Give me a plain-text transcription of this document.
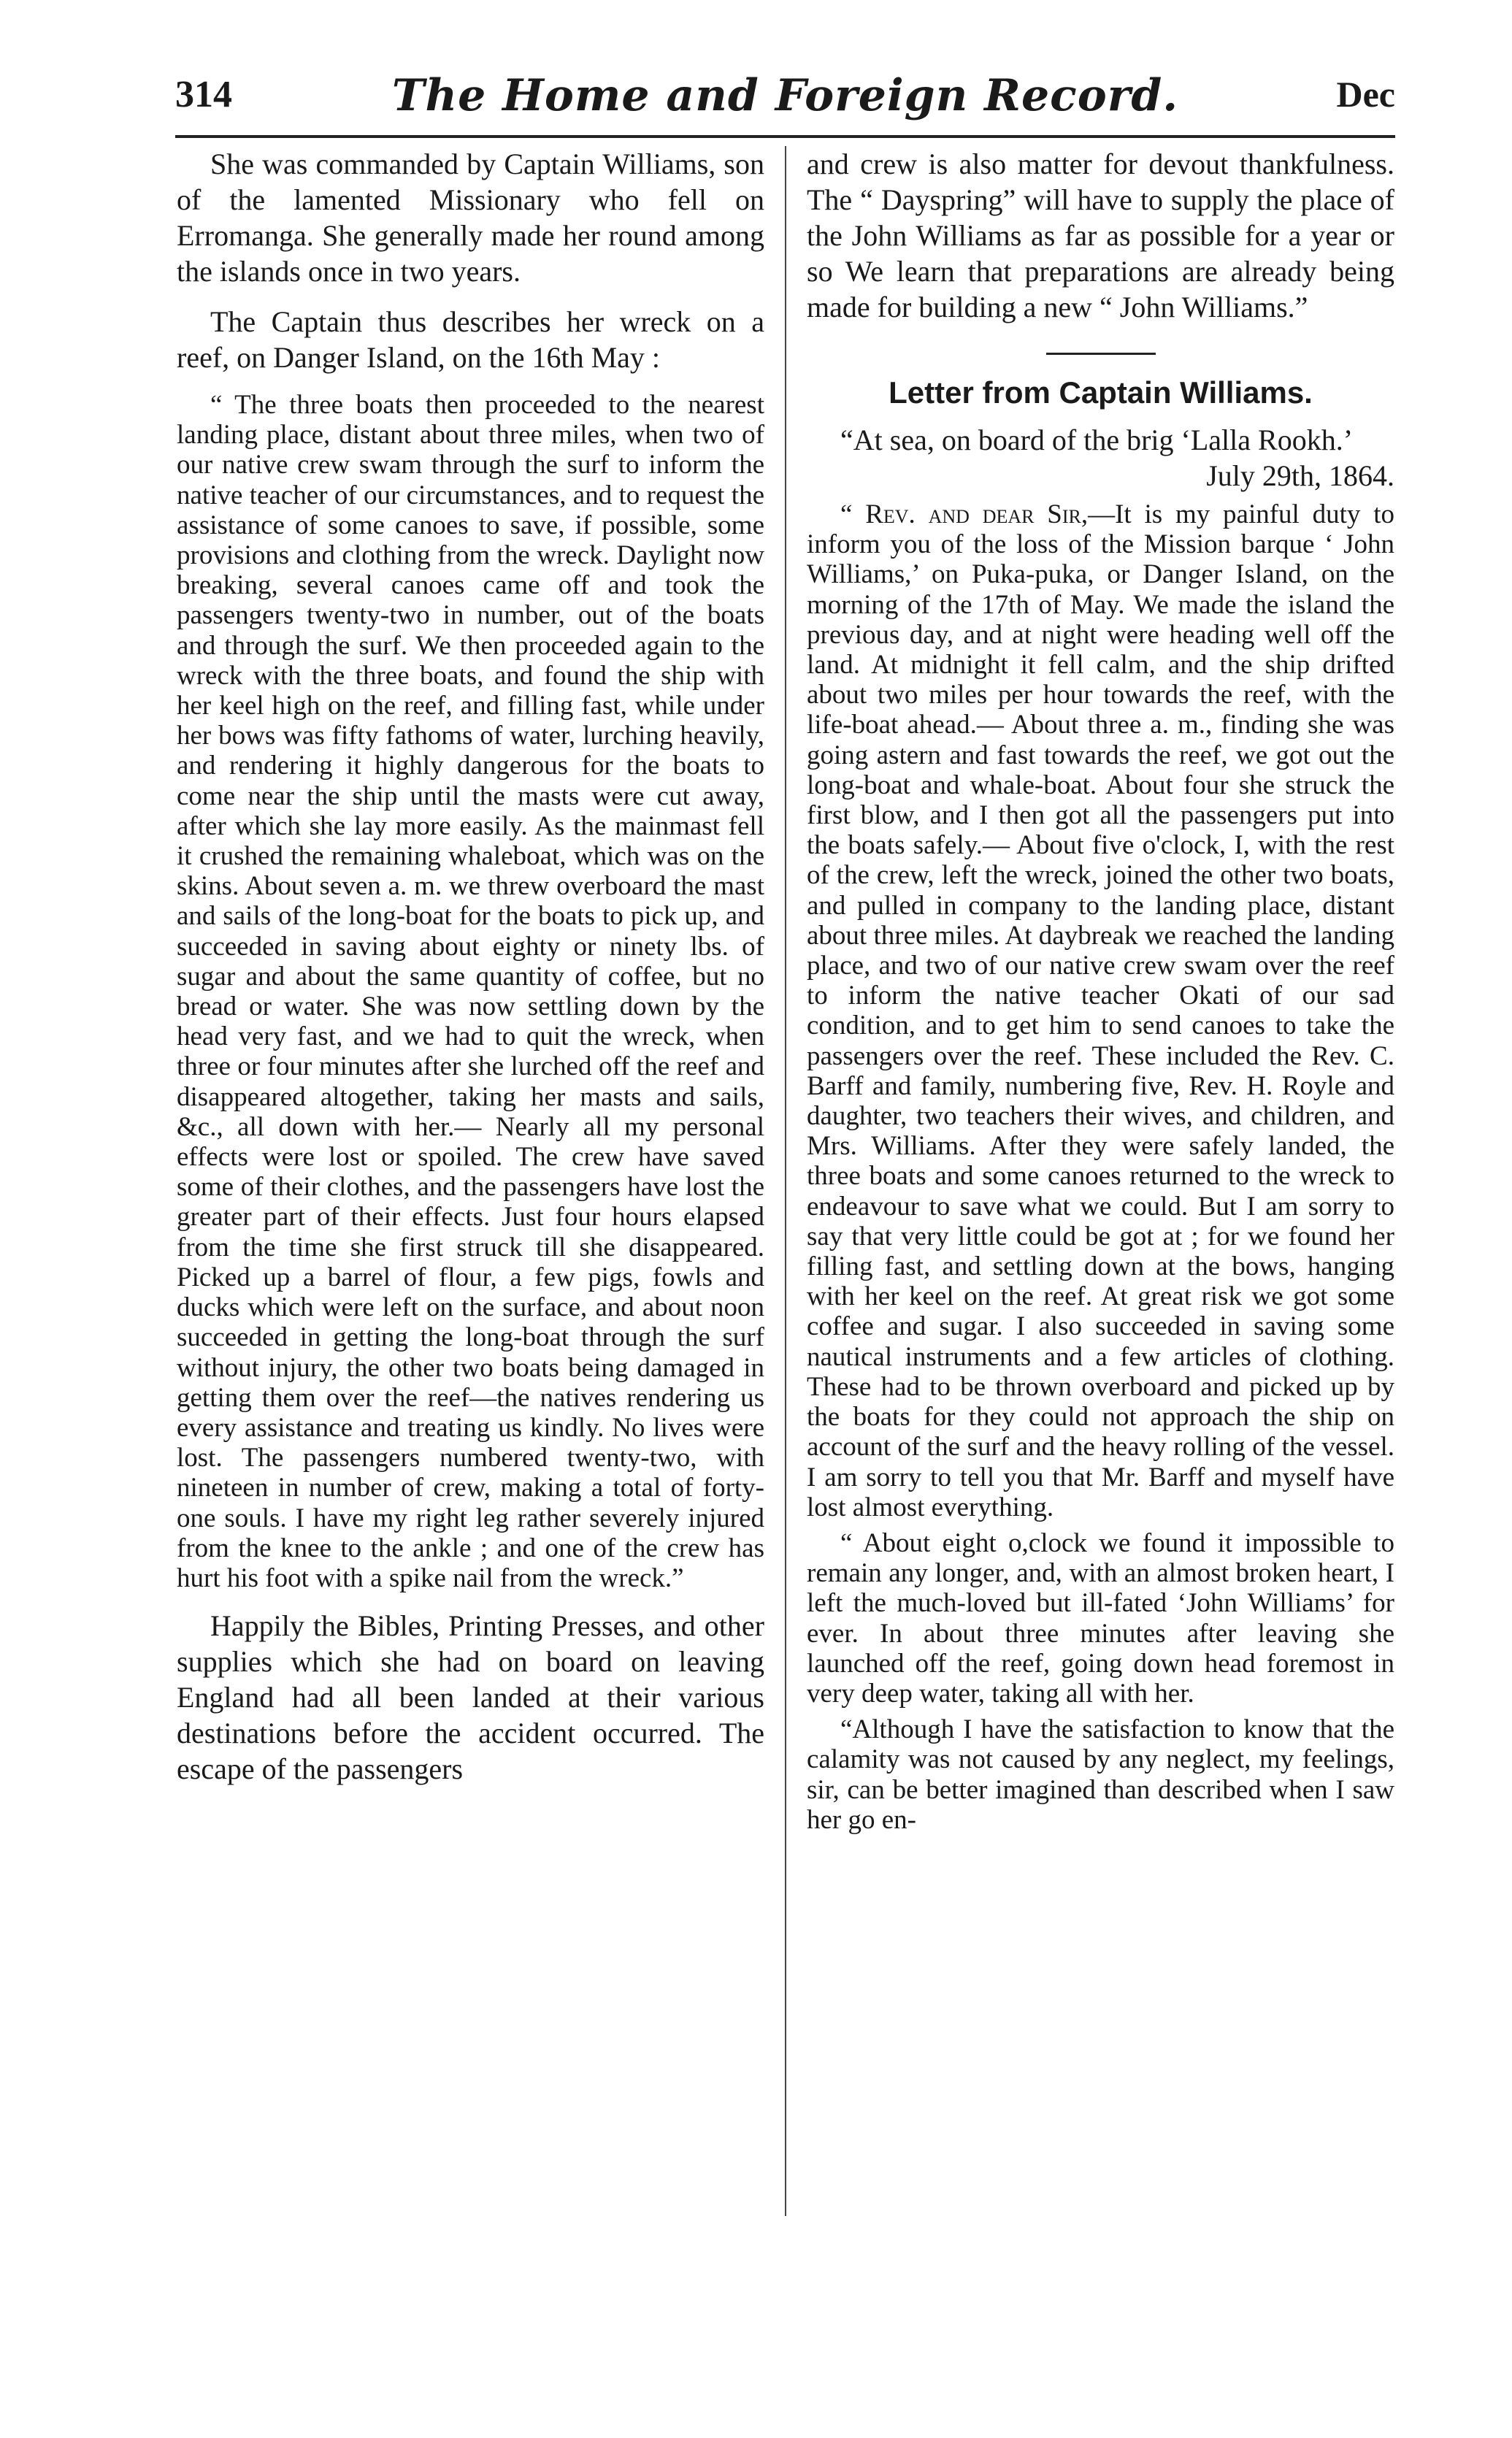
314	The Home and Foreign Record.	Dec

She was commanded by Captain Williams, son of the lamented Missionary who fell on Erromanga. She generally made her round among the islands once in two years.

The Captain thus describes her wreck on a reef, on Danger Island, on the 16th May :

“ The three boats then proceeded to the nearest landing place, distant about three miles, when two of our native crew swam through the surf to inform the native teacher of our circumstances, and to request the assistance of some canoes to save, if possible, some provisions and clothing from the wreck. Daylight now breaking, several canoes came off and took the passengers twenty-two in number, out of the boats and through the surf. We then proceeded again to the wreck with the three boats, and found the ship with her keel high on the reef, and filling fast, while under her bows was fifty fathoms of water, lurching heavily, and rendering it highly dangerous for the boats to come near the ship until the masts were cut away, after which she lay more easily. As the mainmast fell it crushed the remaining whaleboat, which was on the skins. About seven a. m. we threw overboard the mast and sails of the long-boat for the boats to pick up, and succeeded in saving about eighty or ninety lbs. of sugar and about the same quantity of coffee, but no bread or water. She was now settling down by the head very fast, and we had to quit the wreck, when three or four minutes after she lurched off the reef and disappeared altogether, taking her masts and sails, &c., all down with her.— Nearly all my personal effects were lost or spoiled. The crew have saved some of their clothes, and the passengers have lost the greater part of their effects. Just four hours elapsed from the time she first struck till she disappeared. Picked up a barrel of flour, a few pigs, fowls and ducks which were left on the surface, and about noon succeeded in getting the long-boat through the surf without injury, the other two boats being damaged in getting them over the reef—the natives rendering us every assistance and treating us kindly. No lives were lost. The passengers numbered twenty-two, with nineteen in number of crew, making a total of forty-one souls. I have my right leg rather severely injured from the knee to the ankle ; and one of the crew has hurt his foot with a spike nail from the wreck.”

Happily the Bibles, Printing Presses, and other supplies which she had on board on leaving England had all been landed at their various destinations before the accident occurred. The escape of the passengers

and crew is also matter for devout thankfulness. The “ Dayspring” will have to supply the place of the John Williams as far as possible for a year or so We learn that preparations are already being made for building a new “ John Williams.”

Letter from Captain Williams.

“At sea, on board of the brig ‘Lalla Rookh.’

July 29th, 1864.

“ Rev. and dear Sir,—It is my painful duty to inform you of the loss of the Mission barque ‘ John Williams,’ on Puka-puka, or Danger Island, on the morning of the 17th of May. We made the island the previous day, and at night were heading well off the land. At midnight it fell calm, and the ship drifted about two miles per hour towards the reef, with the life-boat ahead.— About three a. m., finding she was going astern and fast towards the reef, we got out the long-boat and whale-boat. About four she struck the first blow, and I then got all the passengers put into the boats safely.— About five o'clock, I, with the rest of the crew, left the wreck, joined the other two boats, and pulled in company to the landing place, distant about three miles. At daybreak we reached the landing place, and two of our native crew swam over the reef to inform the native teacher Okati of our sad condition, and to get him to send canoes to take the passengers over the reef. These included the Rev. C. Barff and family, numbering five, Rev. H. Royle and daughter, two teachers their wives, and children, and Mrs. Williams. After they were safely landed, the three boats and some canoes returned to the wreck to endeavour to save what we could. But I am sorry to say that very little could be got at ; for we found her filling fast, and settling down at the bows, hanging with her keel on the reef. At great risk we got some coffee and sugar. I also succeeded in saving some nautical instruments and a few articles of clothing. These had to be thrown overboard and picked up by the boats for they could not approach the ship on account of the surf and the heavy rolling of the vessel. I am sorry to tell you that Mr. Barff and myself have lost almost everything.

“ About eight o,clock we found it impossible to remain any longer, and, with an almost broken heart, I left the much-loved but ill-fated ‘John Williams’ for ever. In about three minutes after leaving she launched off the reef, going down head foremost in very deep water, taking all with her.

“Although I have the satisfaction to know that the calamity was not caused by any neglect, my feelings, sir, can be better imagined than described when I saw her go en-
